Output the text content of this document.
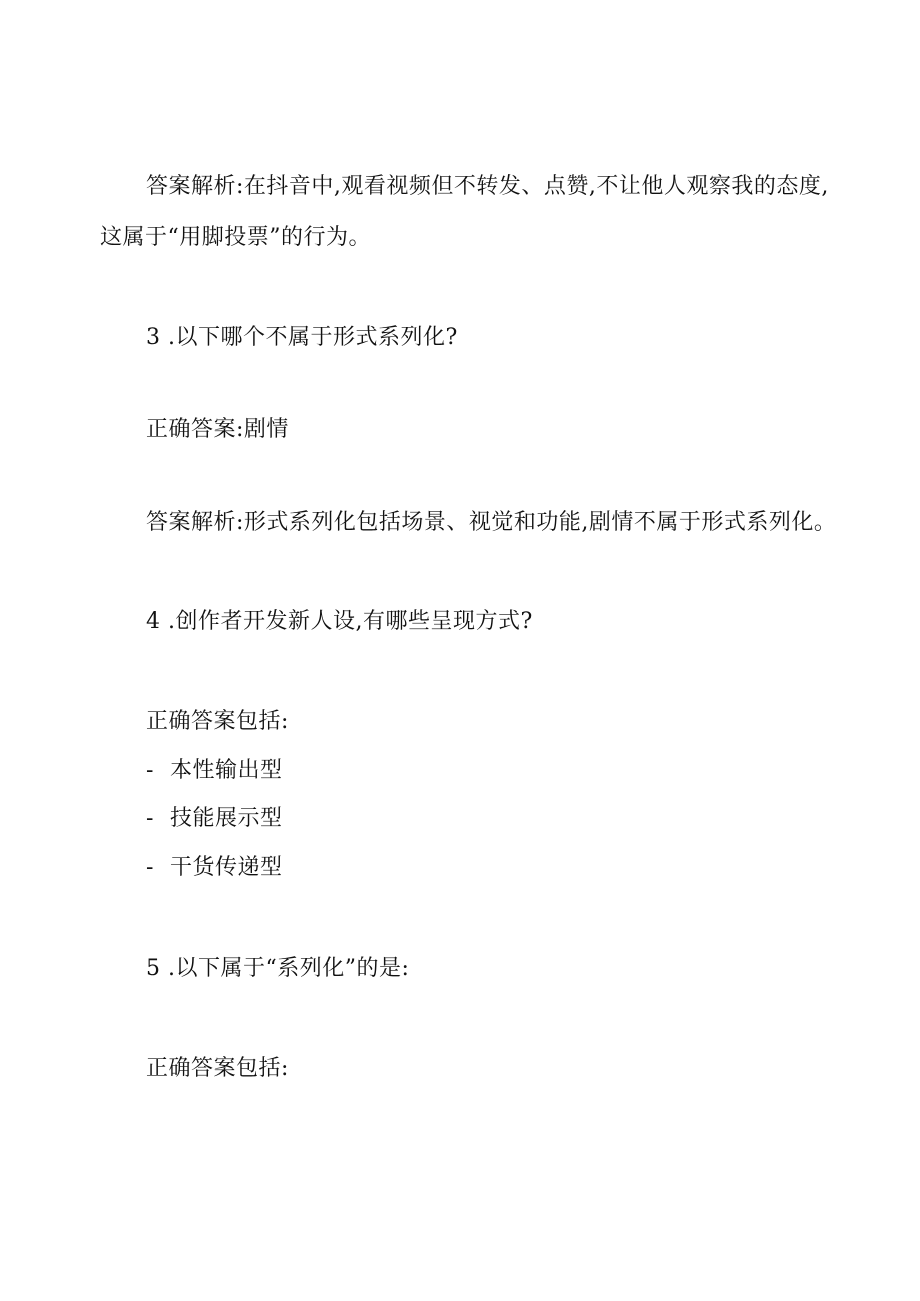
答案解析:在抖音中,观看视频但不转发、点赞,不让他人观察我的态度,
这属于“用脚投票”的行为。
3 .以下哪个不属于形式系列化?
正确答案:剧情
答案解析:形式系列化包括场景、视觉和功能,剧情不属于形式系列化。
4 .创作者开发新人设,有哪些呈现方式?
正确答案包括:
- 本性输出型
- 技能展示型
- 干货传递型
5 .以下属于“系列化”的是:
正确答案包括:
